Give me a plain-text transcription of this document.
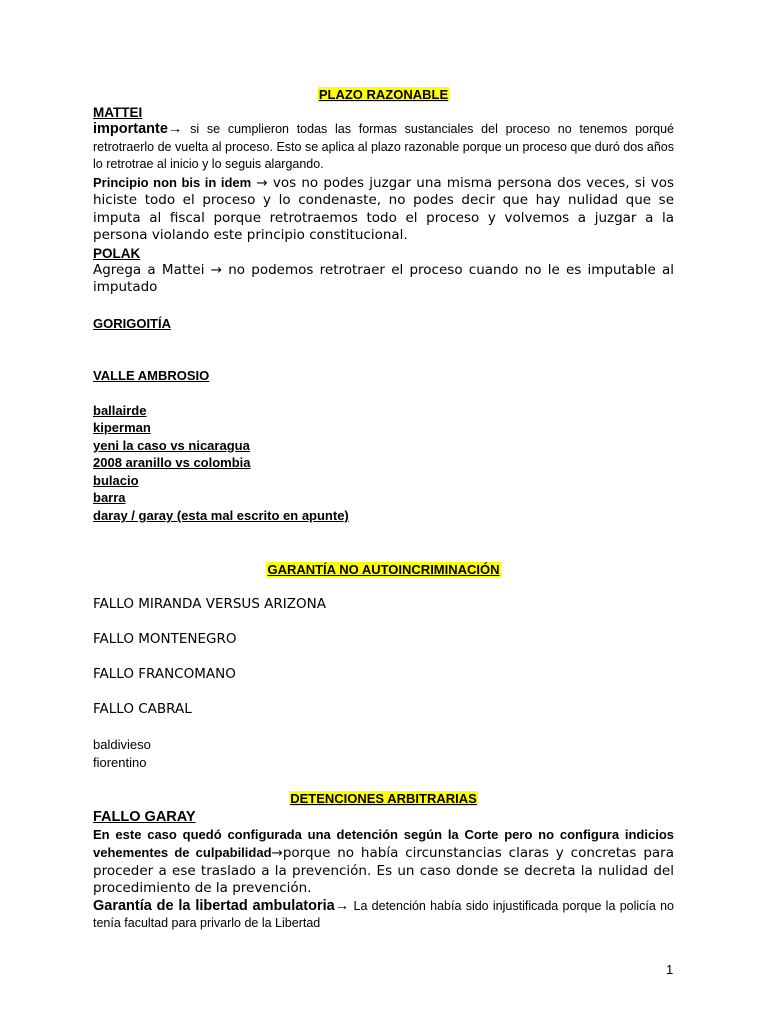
PLAZO RAZONABLE
MATTEI

importante→ si se cumplieron todas las formas sustanciales del proceso no tenemos porqué retrotraerlo de vuelta al proceso. Esto se aplica al plazo razonable porque un proceso que duró dos años lo retrotrae al inicio y lo seguis alargando.

Principio non bis in idem → vos no podes juzgar una misma persona dos veces, si vos hiciste todo el proceso y lo condenaste, no podes decir que hay nulidad que se imputa al fiscal porque retrotraemos todo el proceso y volvemos a juzgar a la persona violando este principio constitucional.

POLAK

Agrega a Mattei → no podemos retrotraer el proceso cuando no le es imputable al imputado

GORIGOITÍA
VALLE AMBROSIO
ballairde
kiperman
yeni la caso vs nicaragua
2008 aranillo vs colombia
bulacio
barra
daray / garay (esta mal escrito en apunte)
GARANTÍA NO AUTOINCRIMINACIÓN
FALLO MIRANDA VERSUS ARIZONA
FALLO MONTENEGRO
FALLO FRANCOMANO
FALLO CABRAL
baldivieso
fiorentino
DETENCIONES ARBITRARIAS
FALLO GARAY

En este caso quedó configurada una detención según la Corte pero no configura indicios vehementes de culpabilidad→porque no había circunstancias claras y concretas para proceder a ese traslado a la prevención. Es un caso donde se decreta la nulidad del procedimiento de la prevención.

Garantía de la libertad ambulatoria→ La detención había sido injustificada porque la policía no tenía facultad para privarlo de la Libertad

1
